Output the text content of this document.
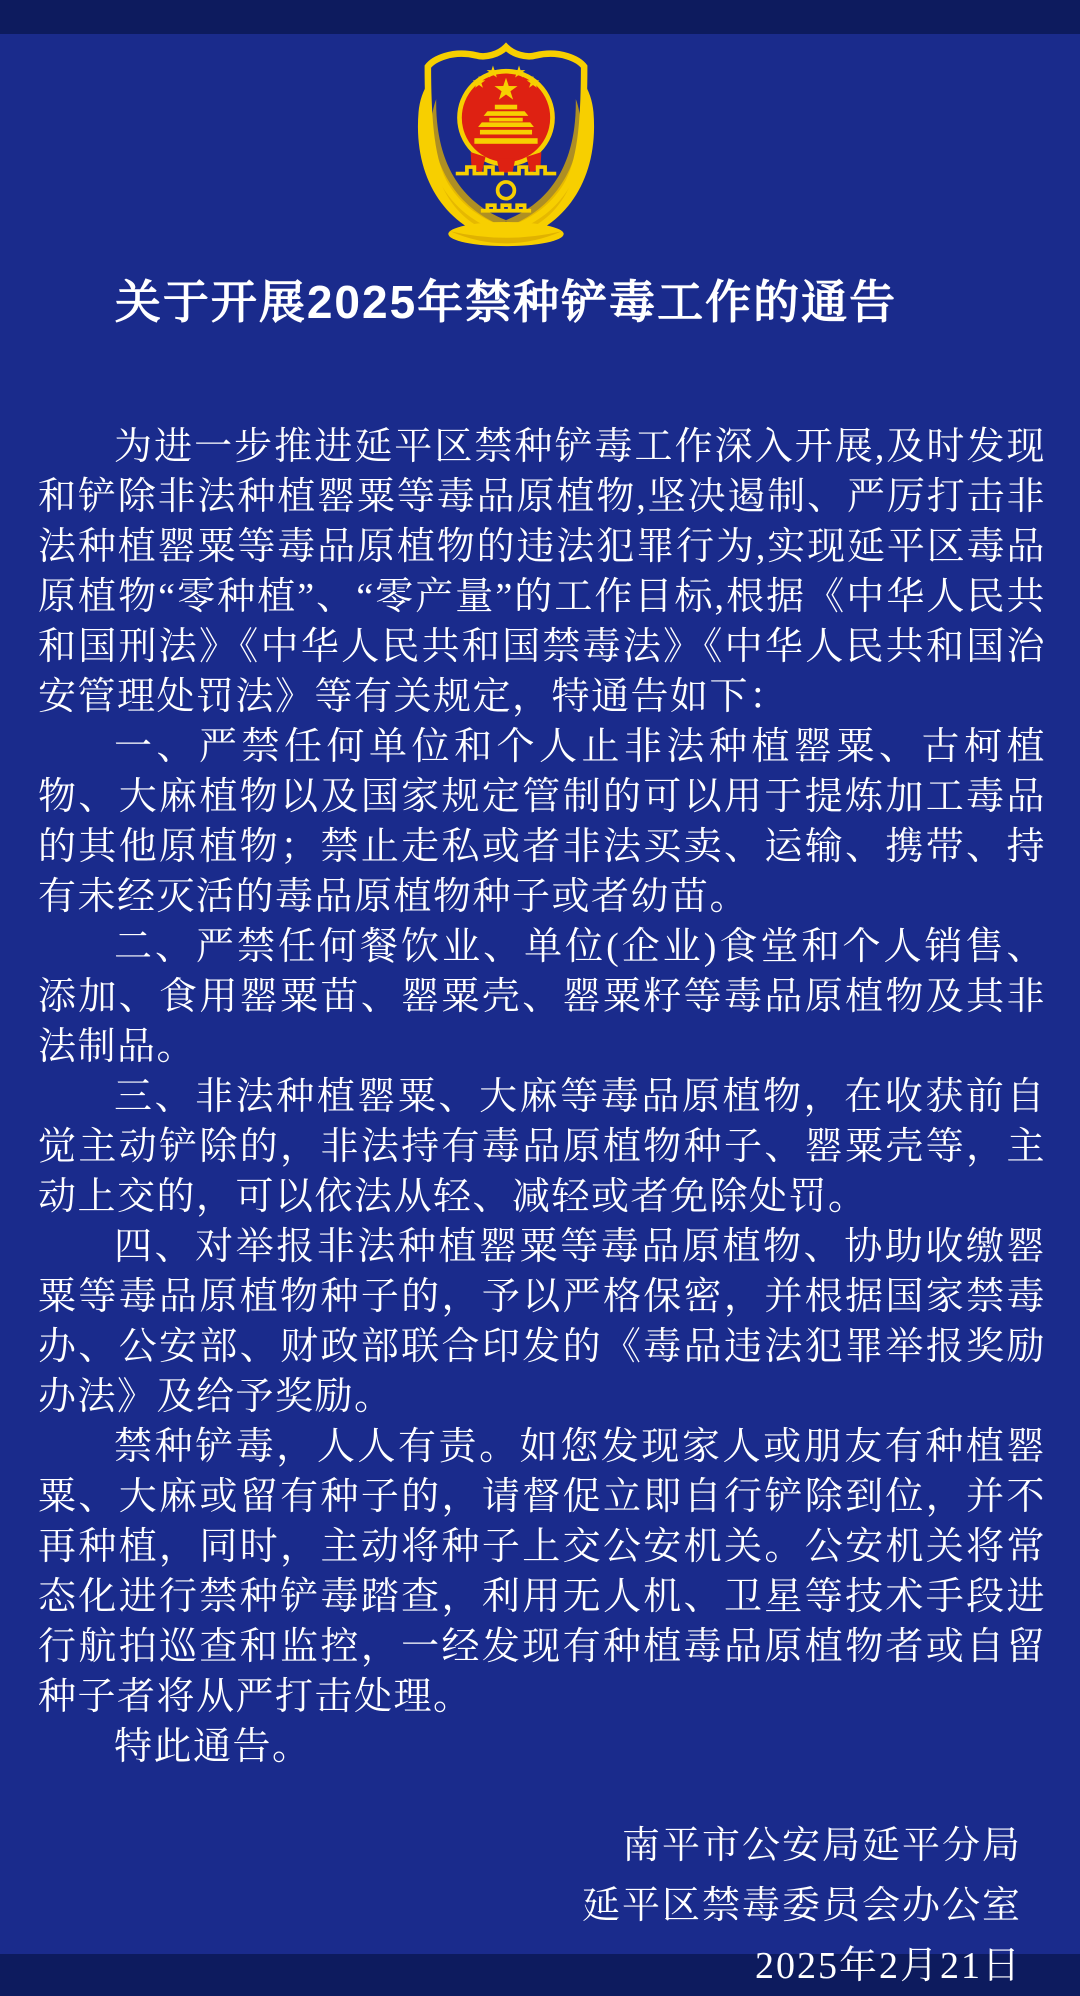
关于开展2025年禁种铲毒工作的通告

为进一步推进延平区禁种铲毒工作深入开展,及时发现和铲除非法种植罂粟等毒品原植物,坚决遏制、严厉打击非法种植罂粟等毒品原植物的违法犯罪行为,实现延平区毒品原植物“零种植”、“零产量”的工作目标,根据《中华人民共和国刑法》《中华人民共和国禁毒法》《中华人民共和国治安管理处罚法》等有关规定，特通告如下：

一、严禁任何单位和个人止非法种植罂粟、古柯植物、大麻植物以及国家规定管制的可以用于提炼加工毒品的其他原植物；禁止走私或者非法买卖、运输、携带、持有未经灭活的毒品原植物种子或者幼苗。

二、严禁任何餐饮业、单位(企业)食堂和个人销售、添加、食用罂粟苗、罂粟壳、罂粟籽等毒品原植物及其非法制品。

三、非法种植罂粟、大麻等毒品原植物，在收获前自觉主动铲除的，非法持有毒品原植物种子、罂粟壳等，主动上交的，可以依法从轻、减轻或者免除处罚。

四、对举报非法种植罂粟等毒品原植物、协助收缴罂粟等毒品原植物种子的，予以严格保密，并根据国家禁毒办、公安部、财政部联合印发的《毒品违法犯罪举报奖励办法》及给予奖励。

禁种铲毒，人人有责。如您发现家人或朋友有种植罂粟、大麻或留有种子的，请督促立即自行铲除到位，并不再种植，同时，主动将种子上交公安机关。公安机关将常态化进行禁种铲毒踏查，利用无人机、卫星等技术手段进行航拍巡查和监控，一经发现有种植毒品原植物者或自留种子者将从严打击处理。

特此通告。

南平市公安局延平分局
延平区禁毒委员会办公室
2025年2月21日
